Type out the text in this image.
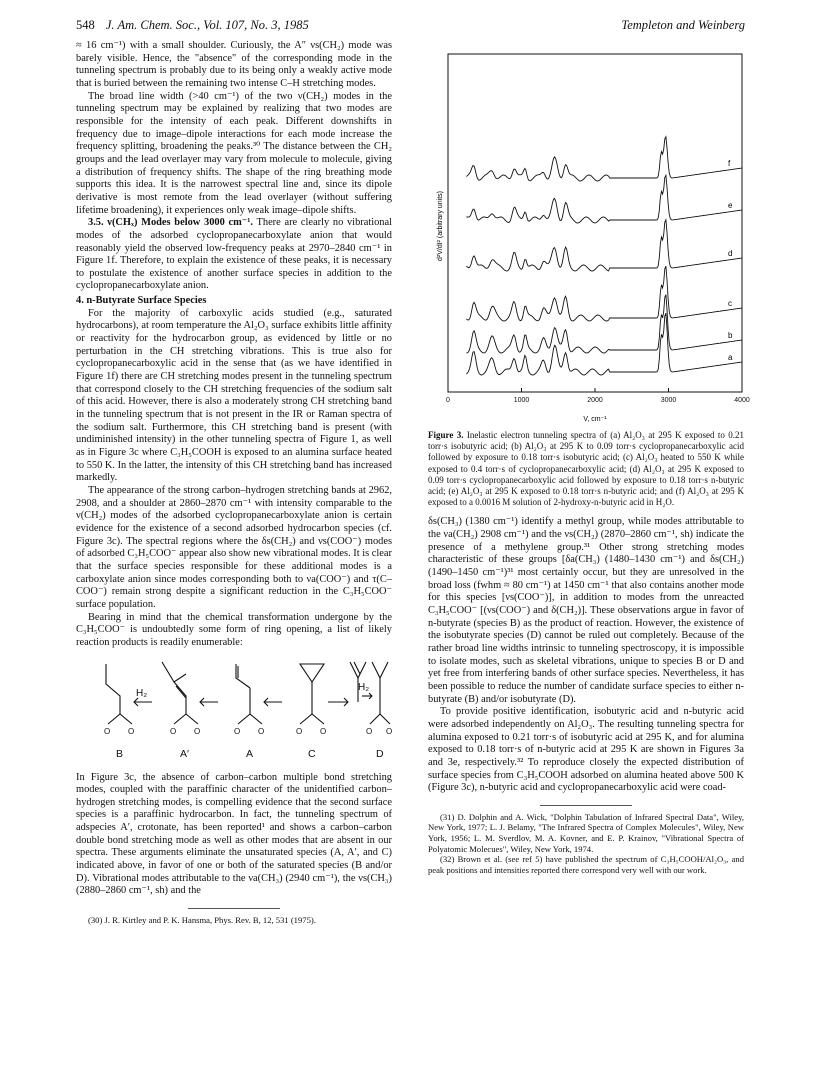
548 J. Am. Chem. Soc., Vol. 107, No. 3, 1985	Templeton and Weinberg

≈ 16 cm⁻¹) with a small shoulder. Curiously, the A″ νs(CH₂) mode was barely visible. Hence, the "absence" of the corresponding mode in the tunneling spectrum is probably due to its being only a weakly active mode that is buried between the remaining two intense C–H stretching modes.

The broad line width (>40 cm⁻¹) of the two ν(CH₂) modes in the tunneling spectrum may be explained by realizing that two modes are responsible for the intensity of each peak. Different downshifts in frequency due to image–dipole interactions for each mode increase the frequency splitting, broadening the peaks.³⁰ The distance between the CH₂ groups and the lead overlayer may vary from molecule to molecule, giving a distribution of frequency shifts. The shape of the ring breathing mode supports this idea. It is the narrowest spectral line and, since its dipole derivative is most remote from the lead overlayer (without suffering lifetime broadening), it experiences only weak image–dipole shifts.

3.5. ν(CHₓ) Modes below 3000 cm⁻¹. There are clearly no vibrational modes of the adsorbed cyclopropanecarboxylate anion that would reasonably yield the observed low-frequency peaks at 2970–2840 cm⁻¹ in Figure 1f. Therefore, to explain the existence of these peaks, it is necessary to postulate the existence of another surface species in addition to the cyclopropanecarboxylate anion.

4. n-Butyrate Surface Species

For the majority of carboxylic acids studied (e.g., saturated hydrocarbons), at room temperature the Al₂O₃ surface exhibits little affinity or reactivity for the hydrocarbon group, as evidenced by little or no perturbation in the CH stretching vibrations. This is true also for cyclopropanecarboxylic acid in the sense that (as we have identified in Figure 1f) there are CH stretching modes present in the tunneling spectrum that correspond closely to the CH stretching frequencies of the sodium salt of this acid. However, there is also a moderately strong CH stretching band in the tunneling spectrum that is not present in the IR or Raman spectra of the sodium salt. Furthermore, this CH stretching band is present (with undiminished intensity) in the other tunneling spectra of Figure 1, as well as in Figure 3c where C₃H₅COOH is exposed to an alumina surface heated to 550 K. In the latter, the intensity of this CH stretching band has increased markedly.

The appearance of the strong carbon–hydrogen stretching bands at 2962, 2908, and a shoulder at 2860–2870 cm⁻¹ with intensity comparable to the ν(CH₂) modes of the adsorbed cyclopropanecarboxylate anion is certain evidence for the existence of a second adsorbed hydrocarbon species (cf. Figure 3c). The spectral regions where the δs(CH₂) and νs(COO⁻) modes of adsorbed C₃H₅COO⁻ appear also show new vibrational modes. It is clear that the surface species responsible for these additional modes is a carboxylate anion since modes corresponding both to νa(COO⁻) and τ(C–COO⁻) remain strong despite a significant reduction in the C₃H₅COO⁻ surface population.

Bearing in mind that the chemical transformation undergone by the C₃H₅COO⁻ is undoubtedly some form of ring opening, a list of likely reaction products is readily enumerable:

O O	O O	O O	O O	O O
H₂
H₂
B	A′	A	C	D

In Figure 3c, the absence of carbon–carbon multiple bond stretching modes, coupled with the paraffinic character of the unidentified carbon–hydrogen stretching modes, is compelling evidence that the second surface species is a paraffinic hydrocarbon. In fact, the tunneling spectrum of adspecies A′, crotonate, has been reported¹ and shows a carbon–carbon double bond stretching mode as well as other modes that are absent in our spectra. These arguments eliminate the unsaturated species (A, A′, and C) indicated above, in favor of one or both of the saturated species (B and/or D). Vibrational modes attributable to the νa(CH₃) (2940 cm⁻¹), the νs(CH₃) (2880–2860 cm⁻¹, sh) and the

(30) J. R. Kirtley and P. K. Hansma, Phys. Rev. B, 12, 531 (1975).

f
e
d
c
b
a
0	1000	2000	3000	4000
d²V/dI² (arbitrary units)
V, cm⁻¹
Figure 3. Inelastic electron tunneling spectra of (a) Al₂O₃ at 295 K exposed to 0.21 torr·s isobutyric acid; (b) Al₂O₃ at 295 K to 0.09 torr·s cyclopropanecarboxylic acid followed by exposure to 0.18 torr·s isobutyric acid; (c) Al₂O₃ heated to 550 K while exposed to 0.4 torr·s of cyclopropanecarboxylic acid; (d) Al₂O₃ at 295 K exposed to 0.09 torr·s cyclopropanecarboxylic acid followed by exposure to 0.18 torr·s n-butyric acid; (e) Al₂O₃ at 295 K exposed to 0.18 torr·s n-butyric acid; and (f) Al₂O₃ at 295 K exposed to a 0.0016 M solution of 2-hydroxy-n-butyric acid in H₂O.

δs(CH₃) (1380 cm⁻¹) identify a methyl group, while modes attributable to the νa(CH₂) 2908 cm⁻¹) and the νs(CH₂) (2870–2860 cm⁻¹, sh) indicate the presence of a methylene group.³¹ Other strong stretching modes characteristic of these groups [δa(CH₃) (1480–1430 cm⁻¹) and δs(CH₂) (1490–1450 cm⁻¹)³¹ most certainly occur, but they are unresolved in the broad loss (fwhm ≈ 80 cm⁻¹) at 1450 cm⁻¹ that also contains another mode for this species [νs(COO⁻)], in addition to modes from the unreacted C₃H₅COO⁻ [(νs(COO⁻) and δ(CH₂)]. These observations argue in favor of n-butyrate (species B) as the product of reaction. However, the existence of the isobutyrate species (D) cannot be ruled out completely. Because of the rather broad line widths intrinsic to tunneling spectroscopy, it is impossible to isolate modes, such as skeletal vibrations, unique to species B or D and yet free from interfering bands of other surface species. Nevertheless, it has been possible to reduce the number of candidate surface species to either n-butyrate (B) and/or isobutyrate (D).

To provide positive identification, isobutyric acid and n-butyric acid were adsorbed independently on Al₂O₃. The resulting tunneling spectra for alumina exposed to 0.21 torr·s of isobutyric acid at 295 K, and for alumina exposed to 0.18 torr·s of n-butyric acid at 295 K are shown in Figures 3a and 3e, respectively.³² To reproduce closely the expected distribution of surface species from C₃H₅COOH adsorbed on alumina heated above 500 K (Figure 3c), n-butyric acid and cyclopropanecarboxylic acid were coad-

(31) D. Dolphin and A. Wick, "Dolphin Tabulation of Infrared Spectral Data", Wiley, New York, 1977; L. J. Belamy, "The Infrared Spectra of Complex Molecules", Wiley, New York, 1956; L. M. Sverdlov, M. A. Kovner, and E. P. Krainov, "Vibrational Spectra of Polyatomic Molecues", Wiley, New York, 1974.

(32) Brown et al. (see ref 5) have published the spectrum of C₃H₅COOH/Al₂O₃, and peak positions and intensities reported there correspond very well with our work.
